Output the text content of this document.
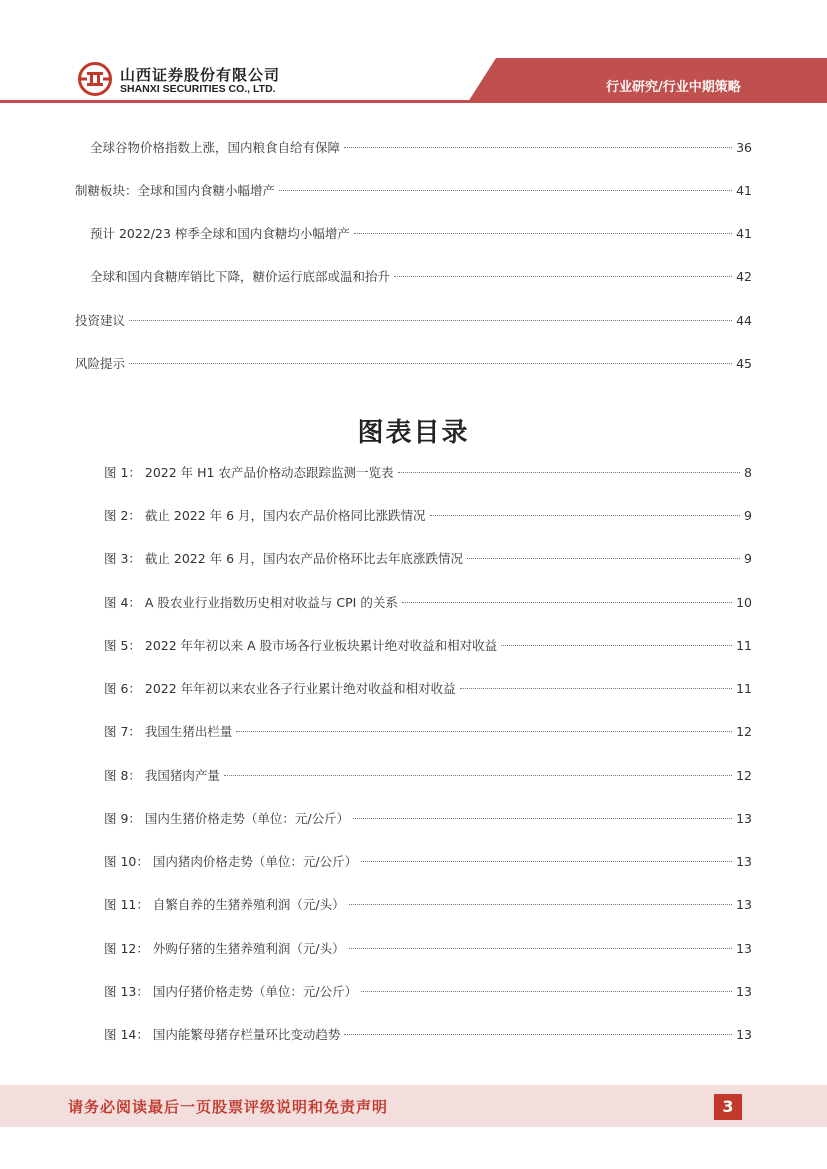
山西证券股份有限公司
SHANXI SECURITIES CO., LTD.	行业研究/行业中期策略
全球谷物价格指数上涨，国内粮食自给有保障	36
制糖板块：全球和国内食糖小幅增产	41
预计 2022/23 榨季全球和国内食糖均小幅增产	41
全球和国内食糖库销比下降，糖价运行底部或温和抬升	42
投资建议	44
风险提示	45
图表目录
图 1： 2022 年 H1 农产品价格动态跟踪监测一览表	8
图 2： 截止 2022 年 6 月，国内农产品价格同比涨跌情况	9
图 3： 截止 2022 年 6 月，国内农产品价格环比去年底涨跌情况	9
图 4： A 股农业行业指数历史相对收益与 CPI 的关系	10
图 5： 2022 年年初以来 A 股市场各行业板块累计绝对收益和相对收益	11
图 6： 2022 年年初以来农业各子行业累计绝对收益和相对收益	11
图 7： 我国生猪出栏量	12
图 8： 我国猪肉产量	12
图 9： 国内生猪价格走势（单位：元/公斤）	13
图 10： 国内猪肉价格走势（单位：元/公斤）	13
图 11： 自繁自养的生猪养殖利润（元/头）	13
图 12： 外购仔猪的生猪养殖利润（元/头）	13
图 13： 国内仔猪价格走势（单位：元/公斤）	13
图 14： 国内能繁母猪存栏量环比变动趋势	13
请务必阅读最后一页股票评级说明和免责声明	3
